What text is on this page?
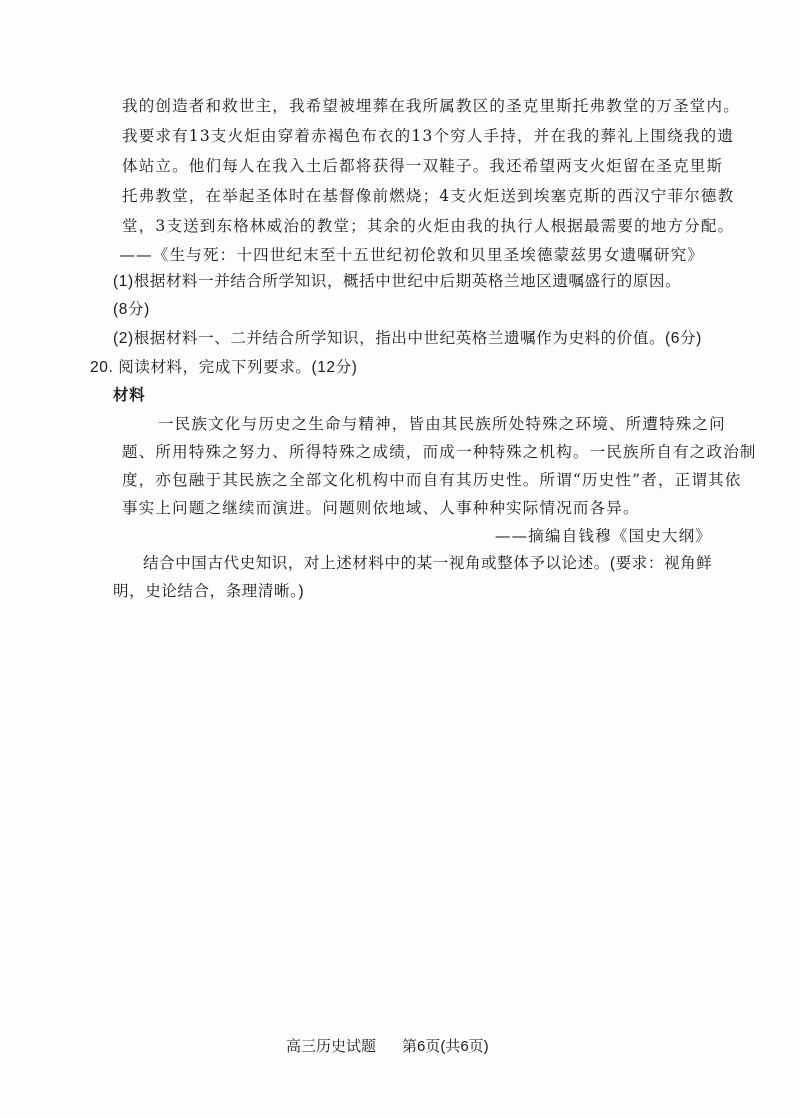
我的创造者和救世主，我希望被埋葬在我所属教区的圣克里斯托弗教堂的万圣堂内。
我要求有13支火炬由穿着赤褐色布衣的13个穷人手持，并在我的葬礼上围绕我的遗
体站立。他们每人在我入土后都将获得一双鞋子。我还希望两支火炬留在圣克里斯
托弗教堂，在举起圣体时在基督像前燃烧；4支火炬送到埃塞克斯的西汉宁菲尔德教
堂，3支送到东格林威治的教堂；其余的火炬由我的执行人根据最需要的地方分配。
——《生与死：十四世纪末至十五世纪初伦敦和贝里圣埃德蒙兹男女遗嘱研究》
(1)根据材料一并结合所学知识，概括中世纪中后期英格兰地区遗嘱盛行的原因。
(8分)
(2)根据材料一、二并结合所学知识，指出中世纪英格兰遗嘱作为史料的价值。(6分)
20. 阅读材料，完成下列要求。(12分)
材料
一民族文化与历史之生命与精神，皆由其民族所处特殊之环境、所遭特殊之问
题、所用特殊之努力、所得特殊之成绩，而成一种特殊之机构。一民族所自有之政治制
度，亦包融于其民族之全部文化机构中而自有其历史性。所谓“历史性”者，正谓其依
事实上问题之继续而演进。问题则依地域、人事种种实际情况而各异。
——摘编自钱穆《国史大纲》
结合中国古代史知识，对上述材料中的某一视角或整体予以论述。(要求：视角鲜
明，史论结合，条理清晰。)
高三历史试题 第6页(共6页)
